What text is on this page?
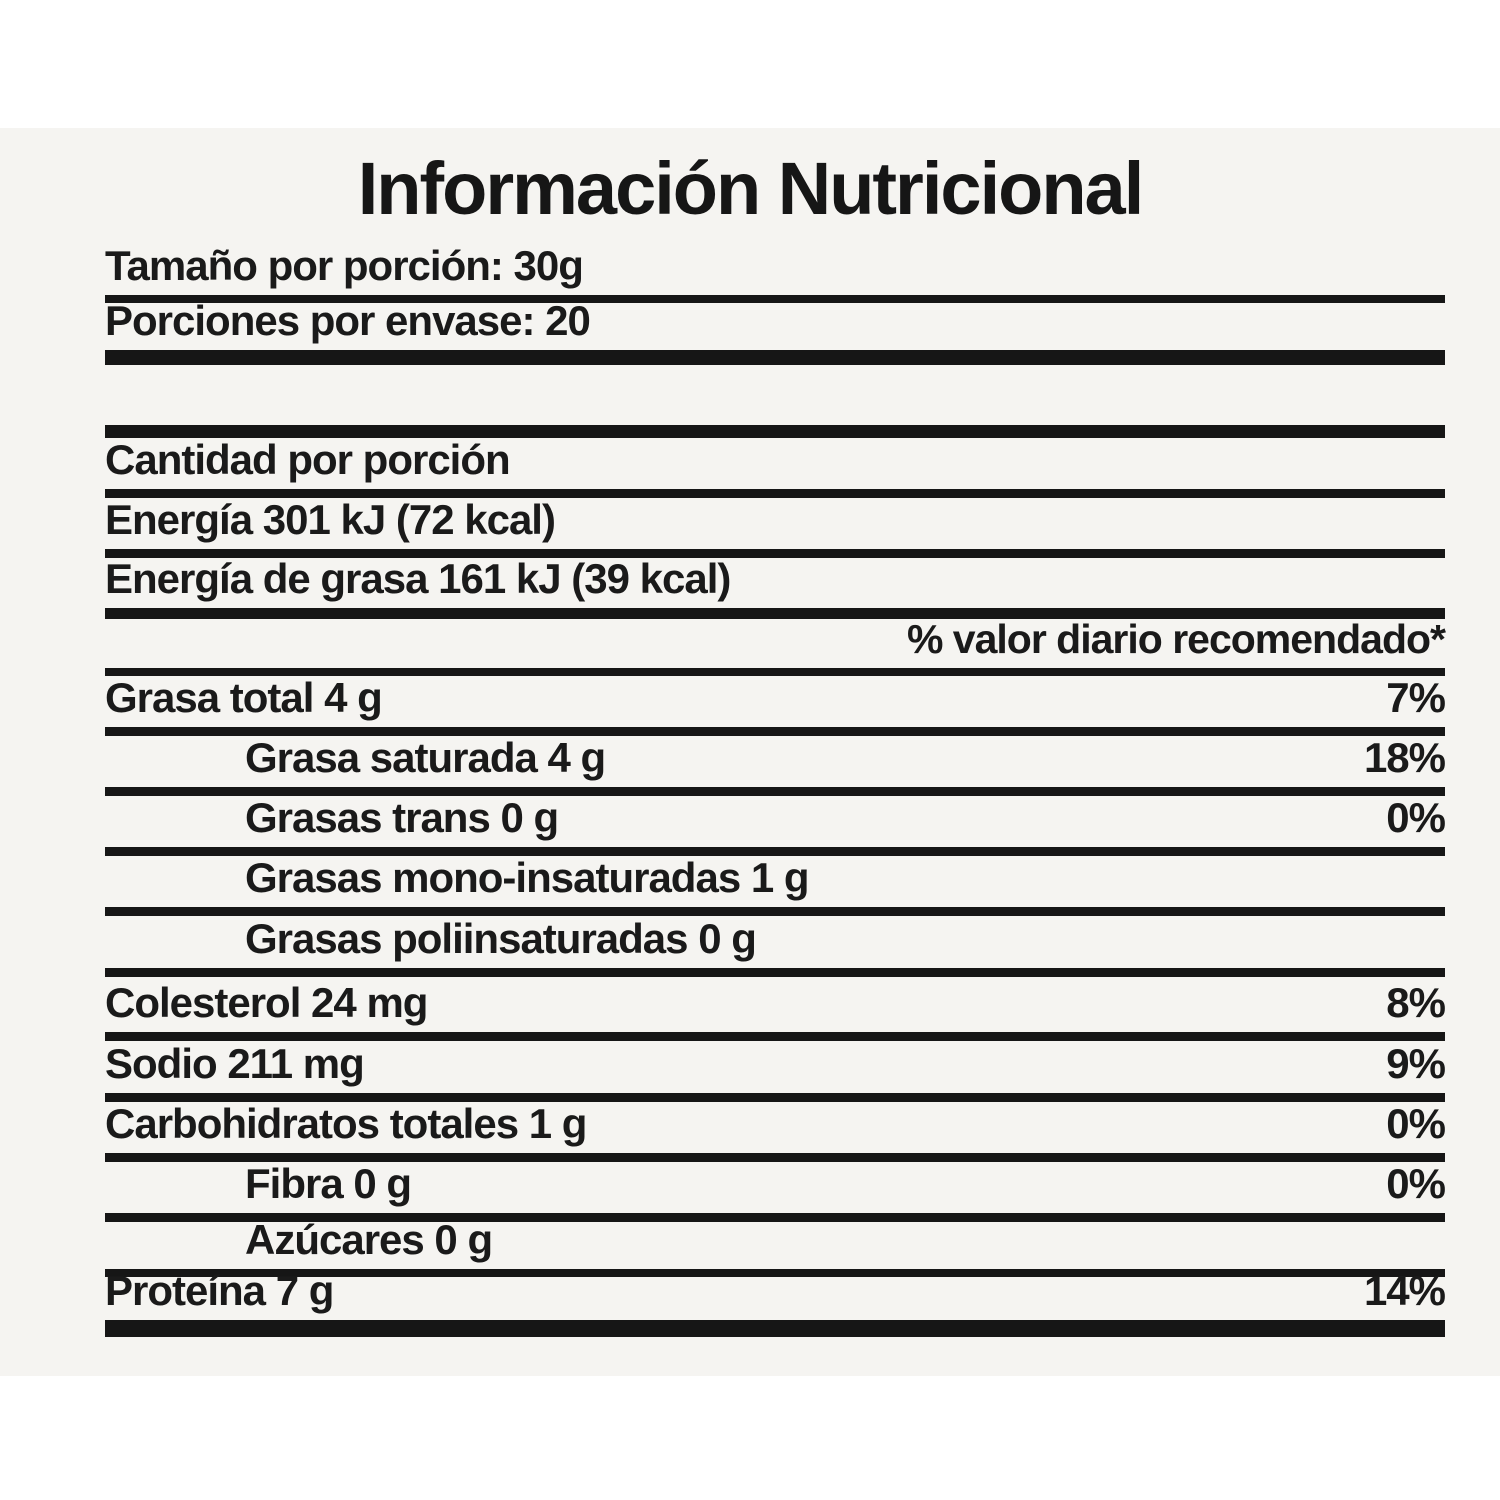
Información Nutricional
Tamaño por porción: 30g
Porciones por envase: 20
Cantidad por porción
Energía 301 kJ (72 kcal)
Energía de grasa 161 kJ (39 kcal)
% valor diario recomendado*
Grasa total 4 g	7%
Grasa saturada 4 g	18%
Grasas trans 0 g	0%
Grasas mono-insaturadas 1 g
Grasas poliinsaturadas 0 g
Colesterol 24 mg	8%
Sodio 211 mg	9%
Carbohidratos totales 1 g	0%
Fibra 0 g	0%
Azúcares 0 g
Proteína 7 g	14%
